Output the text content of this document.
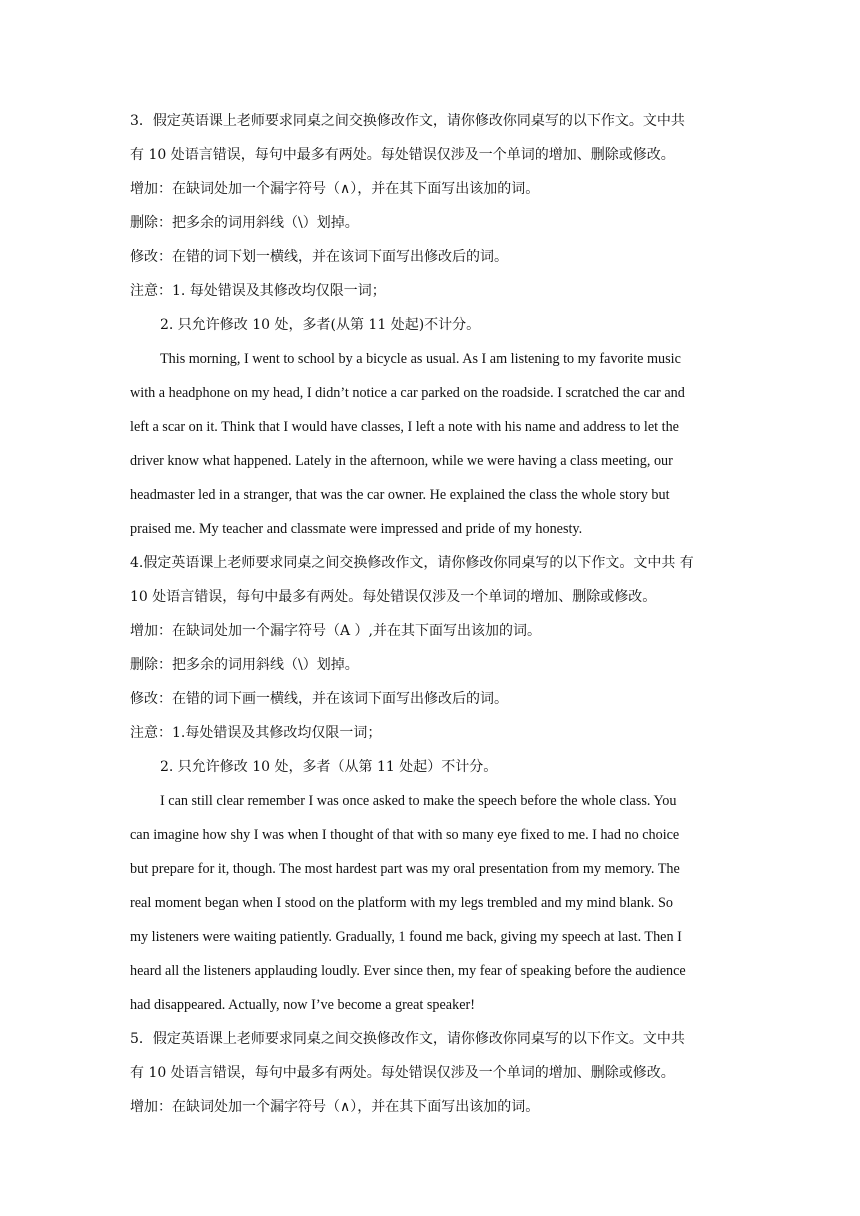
3．假定英语课上老师要求同桌之间交换修改作文，请你修改你同桌写的以下作文。文中共
有 10 处语言错误，每句中最多有两处。每处错误仅涉及一个单词的增加、删除或修改。
增加：在缺词处加一个漏字符号（∧），并在其下面写出该加的词。
删除：把多余的词用斜线（\）划掉。
修改：在错的词下划一横线，并在该词下面写出修改后的词。
注意：1. 每处错误及其修改均仅限一词；
2. 只允许修改 10 处，多者(从第 11 处起)不计分。
This morning, I went to school by a bicycle as usual. As I am listening to my favorite music
with a headphone on my head, I didn’t notice a car parked on the roadside. I scratched the car and
left a scar on it. Think that I would have classes, I left a note with his name and address to let the
driver know what happened. Lately in the afternoon, while we were having a class meeting, our
headmaster led in a stranger, that was the car owner. He explained the class the whole story but
praised me. My teacher and classmate were impressed and pride of my honesty.
4.假定英语课上老师要求同桌之间交换修改作文，请你修改你同桌写的以下作文。文中共 有
10 处语言错误，每句中最多有两处。每处错误仅涉及一个单词的增加、删除或修改。
增加：在缺词处加一个漏字符号（A ）,并在其下面写出该加的词。
删除：把多余的词用斜线（\）划掉。
修改：在错的词下画一横线，并在该词下面写出修改后的词。
注意：1.每处错误及其修改均仅限一词；
2. 只允许修改 10 处，多者（从第 11 处起）不计分。
I can still clear remember I was once asked to make the speech before the whole class. You
can imagine how shy I was when I thought of that with so many eye fixed to me. I had no choice
but prepare for it, though. The most hardest part was my oral presentation from my memory. The
real moment began when I stood on the platform with my legs trembled and my mind blank. So
my listeners were waiting patiently. Gradually, 1 found me back, giving my speech at last. Then I
heard all the listeners applauding loudly. Ever since then, my fear of speaking before the audience
had disappeared. Actually, now I’ve become a great speaker!
5．假定英语课上老师要求同桌之间交换修改作文，请你修改你同桌写的以下作文。文中共
有 10 处语言错误，每句中最多有两处。每处错误仅涉及一个单词的增加、删除或修改。
增加：在缺词处加一个漏字符号（∧），并在其下面写出该加的词。
